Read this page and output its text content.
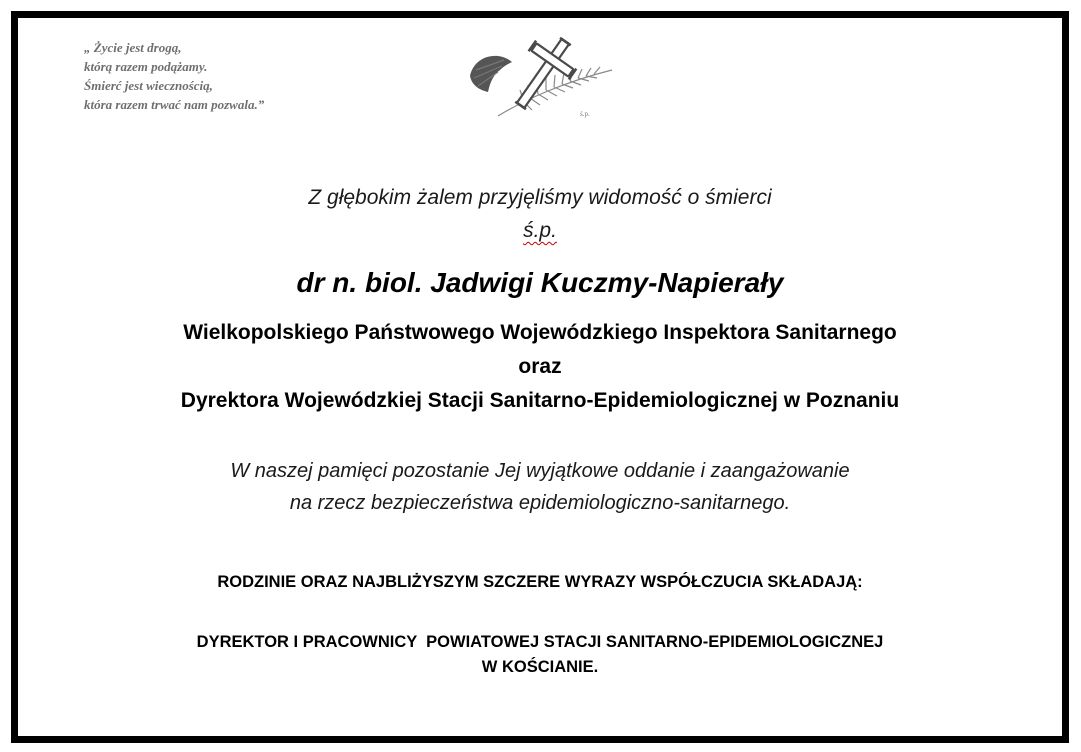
„ Życie jest drogą,
którą razem podążamy.
Śmierć jest wiecznością,
która razem trwać nam pozwala.”
ś.p.
Z głębokim żalem przyjęliśmy widomość o śmierci
ś.p.
dr n. biol. Jadwigi Kuczmy-Napierały
Wielkopolskiego Państwowego Wojewódzkiego Inspektora Sanitarnego
oraz
Dyrektora Wojewódzkiej Stacji Sanitarno-Epidemiologicznej w Poznaniu
W naszej pamięci pozostanie Jej wyjątkowe oddanie i zaangażowanie
na rzecz bezpieczeństwa epidemiologiczno-sanitarnego.
RODZINIE ORAZ NAJBLIŻYSZYM SZCZERE WYRAZY WSPÓŁCZUCIA SKŁADAJĄ:
DYREKTOR I PRACOWNICY  POWIATOWEJ STACJI SANITARNO-EPIDEMIOLOGICZNEJ
W KOŚCIANIE.
